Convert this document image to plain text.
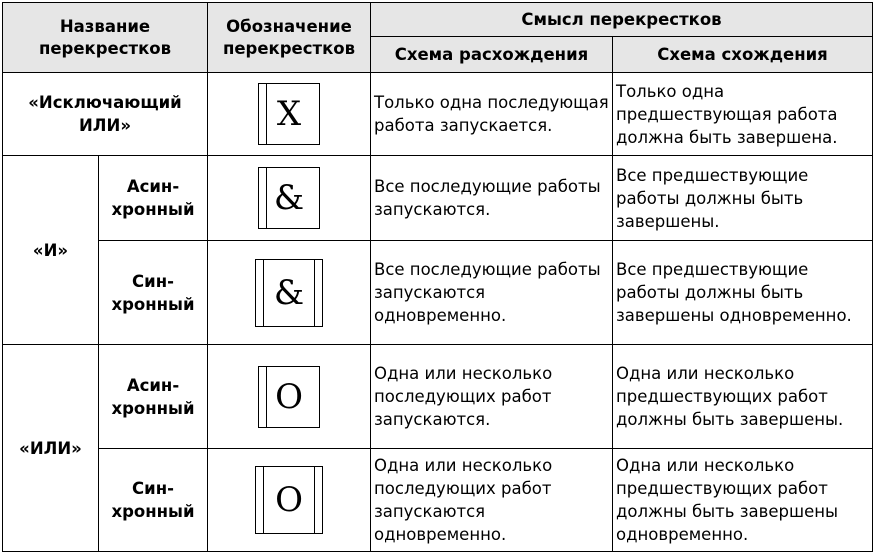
Название перекрестков		Обозначение перекрестков	Смысл перекрестков	
			Схема расхождения	Схема схождения
«Исключающий ИЛИ»		X	Только одна последующая работа запускается.	Только одна предшествующая работа должна быть завершена.
«И»	Асин-хронный	&	Все последующие работы запускаются.	Все предшествующие работы должны быть завершены.
	Син-хронный	&	Все последующие работы запускаются одновременно.	Все предшествующие работы должны быть завершены одновременно.
«ИЛИ»	Асин-хронный	O	Одна или несколько последующих работ запускаются.	Одна или несколько предшествующих работ должны быть завершены.
	Син-хронный	O	Одна или несколько последующих работ запускаются одновременно.	Одна или несколько предшествующих работ должны быть завершены одновременно.
